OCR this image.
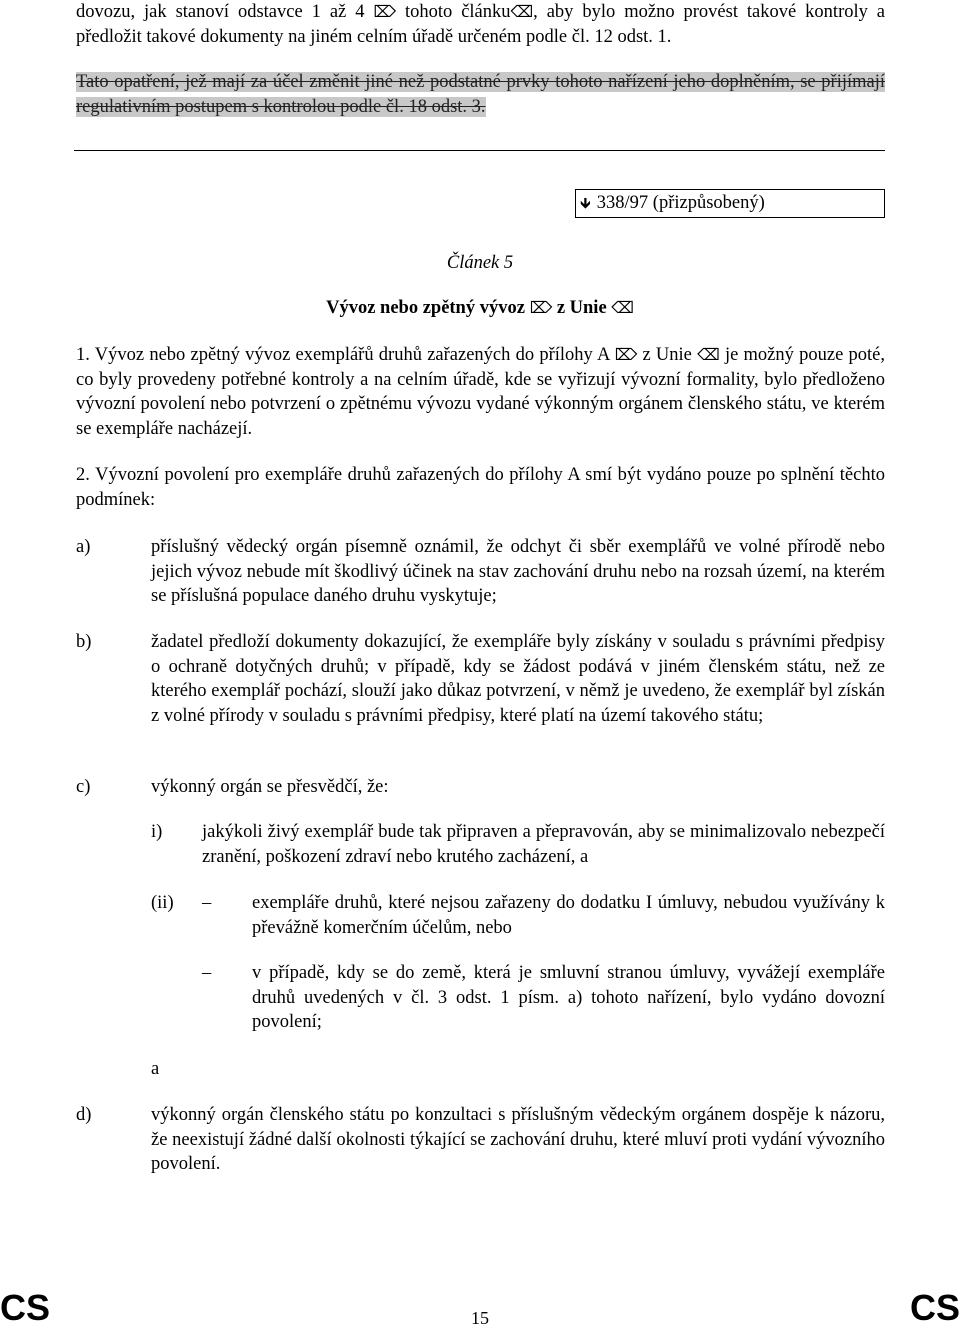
dovozu, jak stanoví odstavce 1 až 4 ⌦ tohoto článku⌫, aby bylo možno provést takové kontroly a předložit takové dokumenty na jiném celním úřadě určeném podle čl. 12 odst. 1.
Tato opatření, jež mají za účel změnit jiné než podstatné prvky tohoto nařízení jeho doplněním, se přijímají regulativním postupem s kontrolou podle čl. 18 odst. 3.
🡻 338/97 (přizpůsobený)
Článek 5
Vývoz nebo zpětný vývoz ⌦ z Unie ⌫
1. Vývoz nebo zpětný vývoz exemplářů druhů zařazených do přílohy A ⌦ z Unie ⌫ je možný pouze poté, co byly provedeny potřebné kontroly a na celním úřadě, kde se vyřizují vývozní formality, bylo předloženo vývozní povolení nebo potvrzení o zpětnému vývozu vydané výkonným orgánem členského státu, ve kterém se exempláře nacházejí.
2. Vývozní povolení pro exempláře druhů zařazených do přílohy A smí být vydáno pouze po splnění těchto podmínek:
a)	příslušný vědecký orgán písemně oznámil, že odchyt či sběr exemplářů ve volné přírodě nebo jejich vývoz nebude mít škodlivý účinek na stav zachování druhu nebo na rozsah území, na kterém se příslušná populace daného druhu vyskytuje;
b)	žadatel předloží dokumenty dokazující, že exempláře byly získány v souladu s právními předpisy o ochraně dotyčných druhů; v případě, kdy se žádost podává v jiném členském státu, než ze kterého exemplář pochází, slouží jako důkaz potvrzení, v němž je uvedeno, že exemplář byl získán z volné přírody v souladu s právními předpisy, které platí na území takového státu;
c)	výkonný orgán se přesvědčí, že:
i) jakýkoli živý exemplář bude tak připraven a přepravován, aby se minimalizovalo nebezpečí zranění, poškození zdraví nebo krutého zacházení, a
(ii) – exempláře druhů, které nejsou zařazeny do dodatku I úmluvy, nebudou využívány k převážně komerčním účelům, nebo
– v případě, kdy se do země, která je smluvní stranou úmluvy, vyvážejí exempláře druhů uvedených v čl. 3 odst. 1 písm. a) tohoto nařízení, bylo vydáno dovozní povolení;
a
d)	výkonný orgán členského státu po konzultaci s příslušným vědeckým orgánem dospěje k názoru, že neexistují žádné další okolnosti týkající se zachování druhu, které mluví proti vydání vývozního povolení.
CS	15	CS
